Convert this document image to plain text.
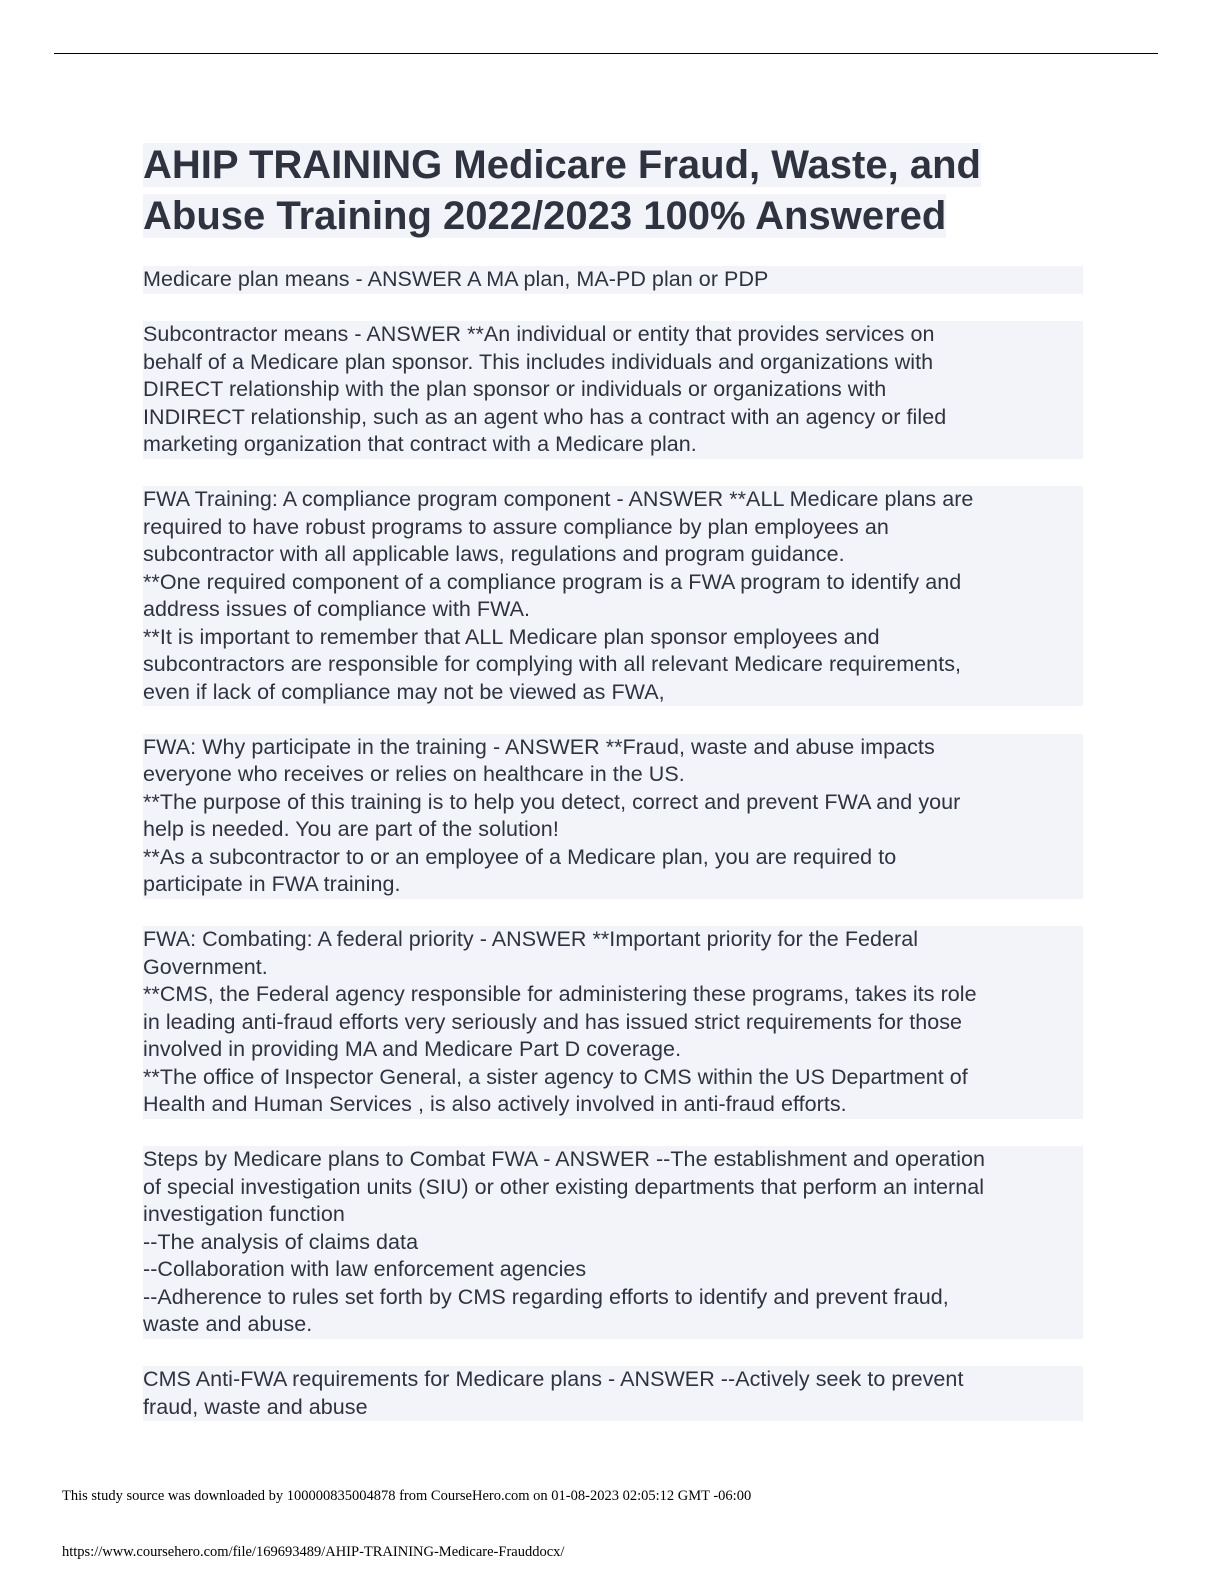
AHIP TRAINING Medicare Fraud, Waste, and
Abuse Training 2022/2023 100% Answered

Medicare plan means - ANSWER A MA plan, MA-PD plan or PDP

Subcontractor means - ANSWER **An individual or entity that provides services on
behalf of a Medicare plan sponsor. This includes individuals and organizations with
DIRECT relationship with the plan sponsor or individuals or organizations with
INDIRECT relationship, such as an agent who has a contract with an agency or filed
marketing organization that contract with a Medicare plan.

FWA Training: A compliance program component - ANSWER **ALL Medicare plans are
required to have robust programs to assure compliance by plan employees an
subcontractor with all applicable laws, regulations and program guidance.
**One required component of a compliance program is a FWA program to identify and
address issues of compliance with FWA.
**It is important to remember that ALL Medicare plan sponsor employees and
subcontractors are responsible for complying with all relevant Medicare requirements,
even if lack of compliance may not be viewed as FWA,

FWA: Why participate in the training - ANSWER **Fraud, waste and abuse impacts
everyone who receives or relies on healthcare in the US.
**The purpose of this training is to help you detect, correct and prevent FWA and your
help is needed. You are part of the solution!
**As a subcontractor to or an employee of a Medicare plan, you are required to
participate in FWA training.

FWA: Combating: A federal priority - ANSWER **Important priority for the Federal
Government.
**CMS, the Federal agency responsible for administering these programs, takes its role
in leading anti-fraud efforts very seriously and has issued strict requirements for those
involved in providing MA and Medicare Part D coverage.
**The office of Inspector General, a sister agency to CMS within the US Department of
Health and Human Services , is also actively involved in anti-fraud efforts.

Steps by Medicare plans to Combat FWA - ANSWER --The establishment and operation
of special investigation units (SIU) or other existing departments that perform an internal
investigation function
--The analysis of claims data
--Collaboration with law enforcement agencies
--Adherence to rules set forth by CMS regarding efforts to identify and prevent fraud,
waste and abuse.

CMS Anti-FWA requirements for Medicare plans - ANSWER --Actively seek to prevent
fraud, waste and abuse

This study source was downloaded by 100000835004878 from CourseHero.com on 01-08-2023 02:05:12 GMT -06:00
https://www.coursehero.com/file/169693489/AHIP-TRAINING-Medicare-Frauddocx/
